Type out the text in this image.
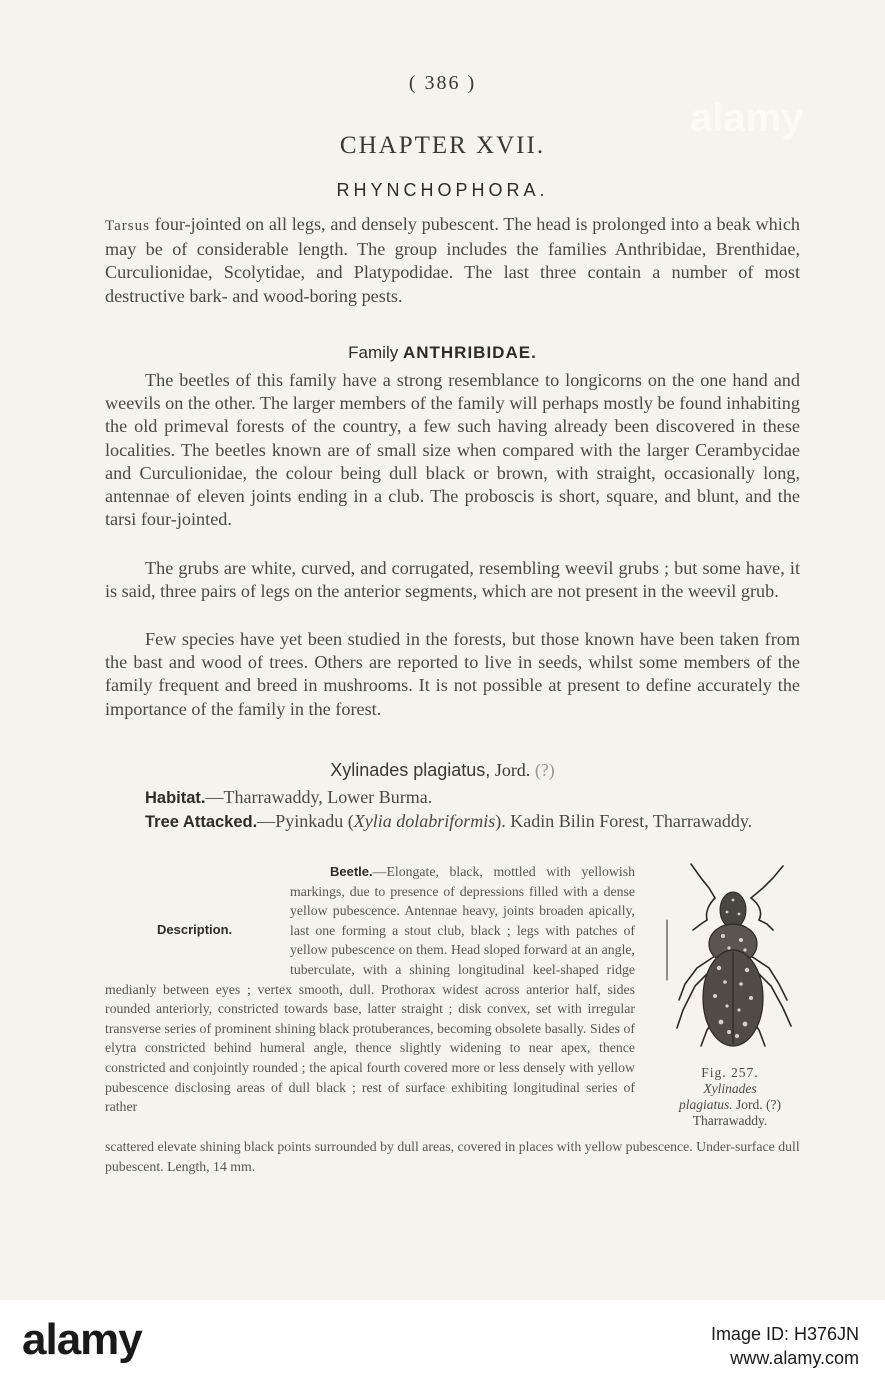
alamy
( 386 )
CHAPTER XVII.
RHYNCHOPHORA.

Tarsus four-jointed on all legs, and densely pubescent. The head is prolonged into a beak which may be of considerable length. The group includes the families Anthribidae, Brenthidae, Curculionidae, Scolytidae, and Platypodidae. The last three contain a number of most destructive bark- and wood-boring pests.

Family ANTHRIBIDAE.

The beetles of this family have a strong resemblance to longicorns on the one hand and weevils on the other. The larger members of the family will perhaps mostly be found inhabiting the old primeval forests of the country, a few such having already been discovered in these localities. The beetles known are of small size when compared with the larger Cerambycidae and Curculionidae, the colour being dull black or brown, with straight, occasionally long, antennae of eleven joints ending in a club. The proboscis is short, square, and blunt, and the tarsi four-jointed.

The grubs are white, curved, and corrugated, resembling weevil grubs ; but some have, it is said, three pairs of legs on the anterior segments, which are not present in the weevil grub.

Few species have yet been studied in the forests, but those known have been taken from the bast and wood of trees. Others are reported to live in seeds, whilst some members of the family frequent and breed in mushrooms. It is not possible at present to define accurately the importance of the family in the forest.

Xylinades plagiatus, Jord. (?)
Habitat.—Tharrawaddy, Lower Burma.
Tree Attacked.—Pyinkadu (Xylia dolabriformis). Kadin Bilin Forest, Tharrawaddy.

Description.
Beetle.—Elongate, black, mottled with yellowish markings, due to presence of depressions filled with a dense yellow pubescence. Antennae heavy, joints broaden apically, last one forming a stout club, black ; legs with patches of yellow pubescence on them. Head sloped forward at an angle, tuberculate, with a shining longitudinal keel-shaped ridge medianly between eyes ; vertex smooth, dull. Prothorax widest across anterior half, sides rounded anteriorly, constricted towards base, latter straight ; disk convex, set with irregular transverse series of prominent shining black protuberances, becoming obsolete basally. Sides of elytra constricted behind humeral angle, thence slightly widening to near apex, thence constricted and conjointly rounded ; the apical fourth covered more or less densely with yellow pubescence disclosing areas of dull black ; rest of surface exhibiting longitudinal series of rather

scattered elevate shining black points surrounded by dull areas, covered in places with yellow pubescence. Under-surface dull pubescent. Length, 14 mm.

Fig. 257.
Xylinades
plagiatus. Jord. (?)
Tharrawaddy.
alamy	Image ID: H376JN
www.alamy.com
